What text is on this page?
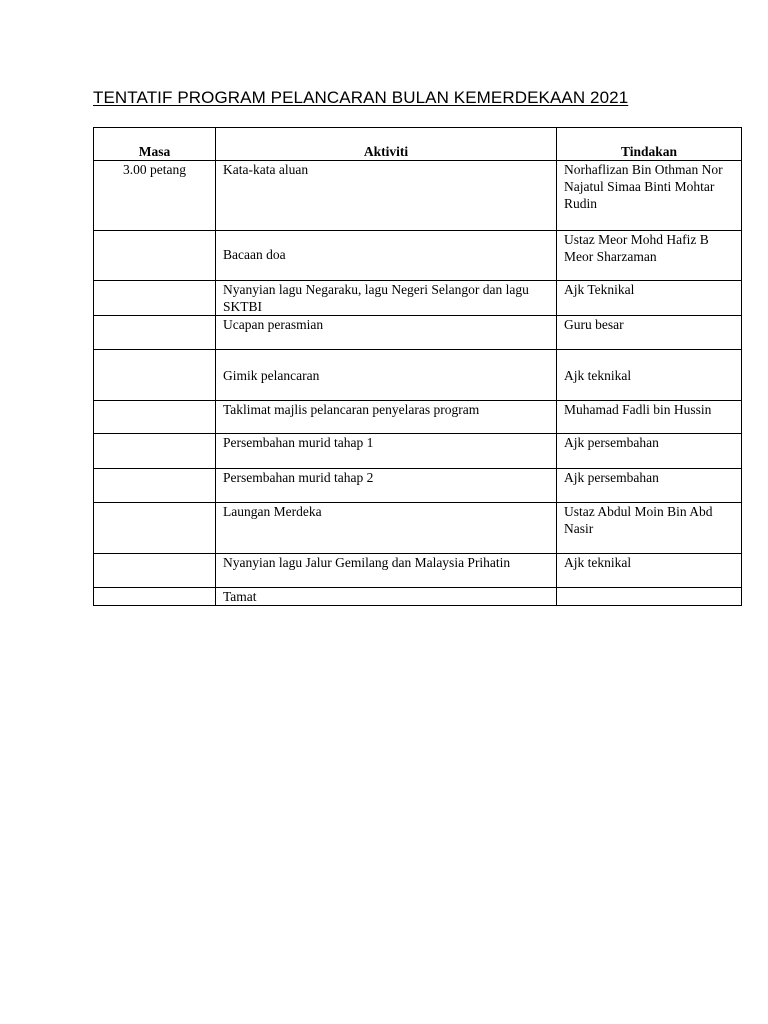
TENTATIF PROGRAM PELANCARAN BULAN KEMERDEKAAN 2021
Masa	Aktiviti	Tindakan
3.00 petang	Kata-kata aluan	Norhaflizan Bin Othman Nor Najatul Simaa Binti Mohtar Rudin

	Bacaan doa	Ustaz Meor Mohd Hafiz B Meor Sharzaman
	Nyanyian lagu Negaraku, lagu Negeri Selangor dan lagu SKTBI	Ajk Teknikal
	Ucapan perasmian	Guru besar

	Gimik pelancaran	Ajk teknikal

	Taklimat majlis pelancaran penyelaras program	Muhamad Fadli bin Hussin
	Persembahan murid tahap 1	Ajk persembahan
	Persembahan murid tahap 2	Ajk persembahan
	Laungan Merdeka	Ustaz Abdul Moin Bin Abd Nasir
	Nyanyian lagu Jalur Gemilang dan Malaysia Prihatin	Ajk teknikal
	Tamat	
